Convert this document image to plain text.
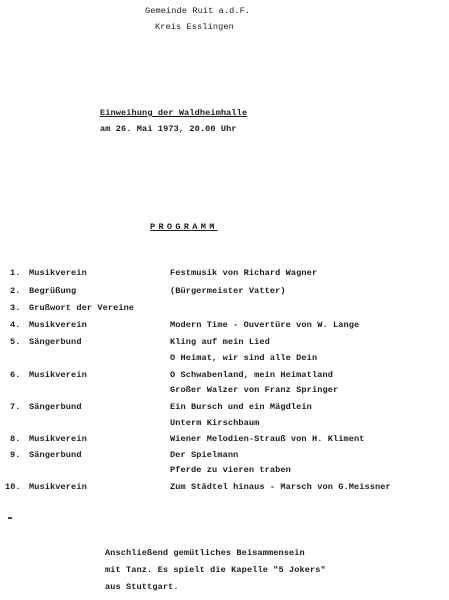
Gemeinde Ruit a.d.F.
Kreis Esslingen
Einweihung der Waldheimhalle
am 26. Mai 1973, 20.00 Uhr
PROGRAMM
1. Musikverein	Festmusik von Richard Wagner
2. Begrüßung	(Bürgermeister Vatter)
3. Grußwort der Vereine
4. Musikverein	Modern Time - Ouvertüre von W. Lange
5. Sängerbund	Kling auf mein Lied
O Heimat, wir sind alle Dein
6. Musikverein	O Schwabenland, mein Heimatland
Großer Walzer von Franz Springer
7. Sängerbund	Ein Bursch und ein Mägdlein
Unterm Kirschbaum
8. Musikverein	Wiener Melodien-Strauß von H. Kliment
9. Sängerbund	Der Spielmann
Pferde zu vieren traben
10. Musikverein	Zum Städtel hinaus - Marsch von G.Meissner
Anschließend gemütliches Beisammensein
mit Tanz. Es spielt die Kapelle "5 Jokers"
aus Stuttgart.
